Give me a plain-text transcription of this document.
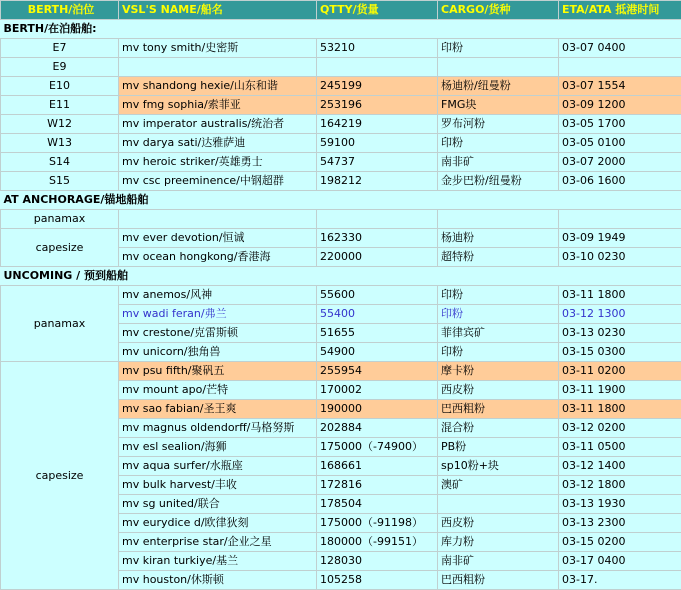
BERTH/泊位	VSL'S NAME/船名	QTTY/货量	CARGO/货种	ETA/ATA 抵港时间
BERTH/在泊船舶:				
E7	mv tony smith/史密斯	53210	印粉	03-07 0400
E9				
E10	mv shandong hexie/山东和谐	245199	杨迪粉/纽曼粉	03-07 1554
E11	mv fmg sophia/索菲亚	253196	FMG块	03-09 1200
W12	mv imperator australis/统治者	164219	罗布河粉	03-05 1700
W13	mv darya sati/达雅萨迪	59100	印粉	03-05 0100
S14	mv heroic striker/英雄勇士	54737	南非矿	03-07 2000
S15	mv csc preeminence/中钢超群	198212	金步巴粉/纽曼粉	03-06 1600
AT ANCHORAGE/锚地船舶				
panamax				
capesize	mv ever devotion/恒诚	162330	杨迪粉	03-09 1949
	mv ocean hongkong/香港海	220000	超特粉	03-10 0230
UNCOMING / 预到船舶				
panamax	mv anemos/风神	55600	印粉	03-11 1800
	mv wadi feran/弗兰	55400	印粉	03-12 1300
	mv crestone/克雷斯顿	51655	菲律宾矿	03-13 0230
	mv unicorn/独角兽	54900	印粉	03-15 0300
capesize	mv psu fifth/聚矾五	255954	摩卡粉	03-11 0200
	mv mount apo/芒特	170002	西皮粉	03-11 1900
	mv sao fabian/圣王爽	190000	巴西粗粉	03-11 1800
	mv magnus oldendorff/马格努斯	202884	混合粉	03-12 0200
	mv esl sealion/海狮	175000（-74900）	PB粉	03-11 0500
	mv aqua surfer/水瓶座	168661	sp10粉+块	03-12 1400
	mv bulk harvest/丰收	172816	澳矿	03-12 1800
	mv sg united/联合	178504		03-13 1930
	mv eurydice d/欧律狄刻	175000（-91198）	西皮粉	03-13 2300
	mv enterprise star/企业之星	180000（-99151）	库力粉	03-15 0200
	mv kiran turkiye/基兰	128030	南非矿	03-17 0400
	mv houston/休斯顿	105258	巴西粗粉	03-17.
